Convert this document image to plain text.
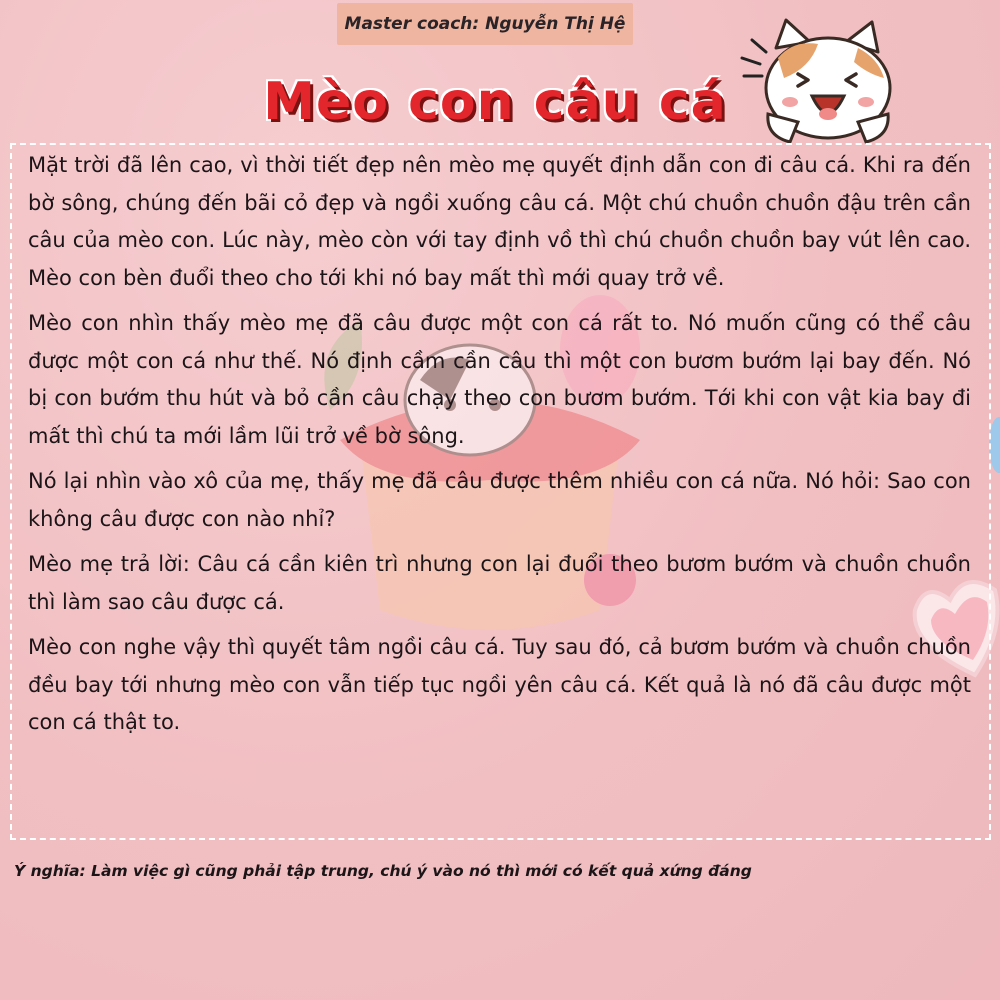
Master coach: Nguyễn Thị Hệ
Mèo con câu cá

Mặt trời đã lên cao, vì thời tiết đẹp nên mèo mẹ quyết định dẫn con đi câu cá. Khi ra đến bờ sông, chúng đến bãi cỏ đẹp và ngồi xuống câu cá. Một chú chuồn chuồn đậu trên cần câu của mèo con. Lúc này, mèo còn với tay định vồ thì chú chuồn chuồn bay vút lên cao. Mèo con bèn đuổi theo cho tới khi nó bay mất thì mới quay trở về.

Mèo con nhìn thấy mèo mẹ đã câu được một con cá rất to. Nó muốn cũng có thể câu được một con cá như thế. Nó định cầm cần câu thì một con bươm bướm lại bay đến. Nó bị con bướm thu hút và bỏ cần câu chạy theo con bươm bướm. Tới khi con vật kia bay đi mất thì chú ta mới lầm lũi trở về bờ sông.

Nó lại nhìn vào xô của mẹ, thấy mẹ đã câu được thêm nhiều con cá nữa. Nó hỏi: Sao con không câu được con nào nhỉ?

Mèo mẹ trả lời: Câu cá cần kiên trì nhưng con lại đuổi theo bươm bướm và chuồn chuồn thì làm sao câu được cá.

Mèo con nghe vậy thì quyết tâm ngồi câu cá. Tuy sau đó, cả bươm bướm và chuồn chuồn đều bay tới nhưng mèo con vẫn tiếp tục ngồi yên câu cá. Kết quả là nó đã câu được một con cá thật to.

Ý nghĩa: Làm việc gì cũng phải tập trung, chú ý vào nó thì mới có kết quả xứng đáng
